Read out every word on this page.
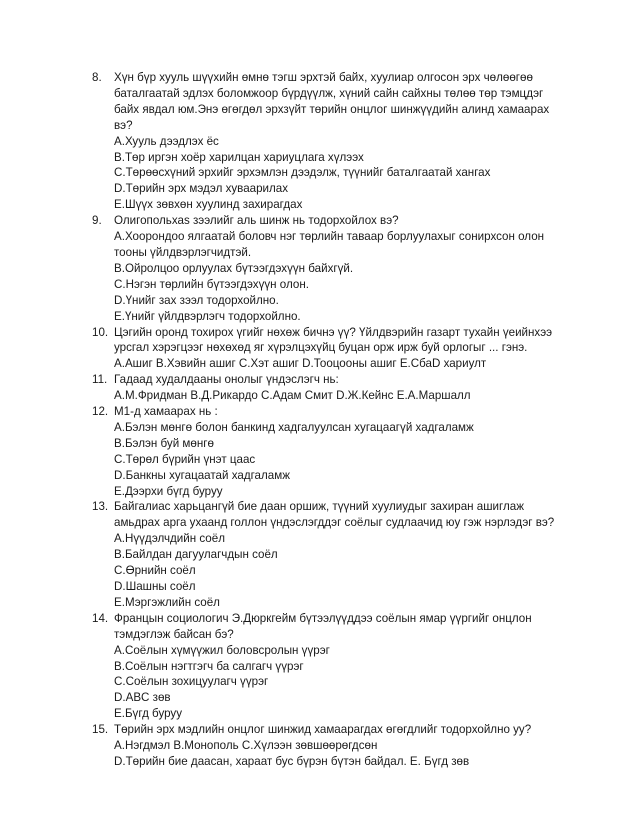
8. Хүн бүр хууль шүүхийн өмнө тэгш эрхтэй байх, хуулиар олгосон эрх чөлөөгөө
баталгаатай эдлэх боломжоор бүрдүүлж, хүний сайн сайхны төлөө төр тэмцдэг
байх явдал юм.Энэ өгөгдөл эрхзүйт төрийн онцлог шинжүүдийн алинд хамаарах
вэ?
А.Хууль дээдлэх ёс
В.Төр иргэн хоёр харилцан хариуцлага хүлээх
С.Төрөөсхүний эрхийг эрхэмлэн дээдэлж, түүнийг баталгаатай хангах
D.Төрийн эрх мэдэл хуваарилах
Е.Шүүх зөвхөн хуулинд захирагдах
9. Олигопольхаs зээлийг аль шинж нь тодорхойлох вэ?
А.Хоорондоо ялгаатай боловч нэг төрлийн тавааp борлуулахыг сонирхсон олон
тооны үйлдвэрлэгчидтэй.
В.Ойролцоо орлуулах бүтээгдэхүүн байхгүй.
С.Нэгэн төрлийн бүтээгдэхүүн олон.
D.Үнийг зах зээл тодорхойлно.
Е.Үнийг үйлдвэрлэгч тодорхойлно.
10. Цэгийн оронд тохирох үгийг нөхөж бичнэ үү? Үйлдвэрийн газарт тухайн үеийнхээ
урсгал хэрэгцээг нөхөхөд яг хүрэлцэхүйц буцан орж ирж буй орлогыг ... гэнэ.
А.Ашиг В.Хэвийн ашиг С.Хэт ашиг D.Тооцооны ашиг Е.СбаD хариулт
11. Гадаад худалдааны онолыг үндэслэгч нь:
А.М.Фридман В.Д.Рикардо С.Адам Смит D.Ж.Кейнс Е.А.Маршалл
12. М1-д хамаарах нь :
А.Бэлэн мөнгө болон банкинд хадгалуулсан хугацаагүй хадгаламж
В.Бэлэн буй мөнгө
С.Төрөл бүрийн үнэт цаас
D.Банкны хугацаатай хадгаламж
Е.Дээрхи бүгд буруу
13. Байгалиас харьцангүй бие даан оршиж, түүний хуулиудыг захиран ашиглаж
амьдрах арга ухаанд голлон үндэслэгддэг соёлыг судлаачид юу гэж нэрлэдэг вэ?
А.Нүүдэлчдийн соёл
В.Байлдан дагуулагчдын соёл
С.Өрнийн соёл
D.Шашны соёл
Е.Мэргэжлийн соёл
14. Францын социологич Э.Дюркгейм бүтээлүүддээ соёлын ямар үүргийг онцлон
тэмдэглэж байсан бэ?
А.Соёлын хүмүүжил боловсролын үүрэг
В.Соёлын нэгтгэгч ба салгагч үүрэг
С.Соёлын зохицуулагч үүрэг
D.ABC зөв
Е.Бүгд буруу
15. Төрийн эрх мэдлийн онцлог шинжид хамаарагдах өгөгдлийг тодорхойлно уу?
А.Нэгдмэл В.Монополь С.Хүлээн зөвшөөрөгдсөн
D.Төрийн бие даасан, хараат бус бүрэн бүтэн байдал. Е. Бүгд зөв
